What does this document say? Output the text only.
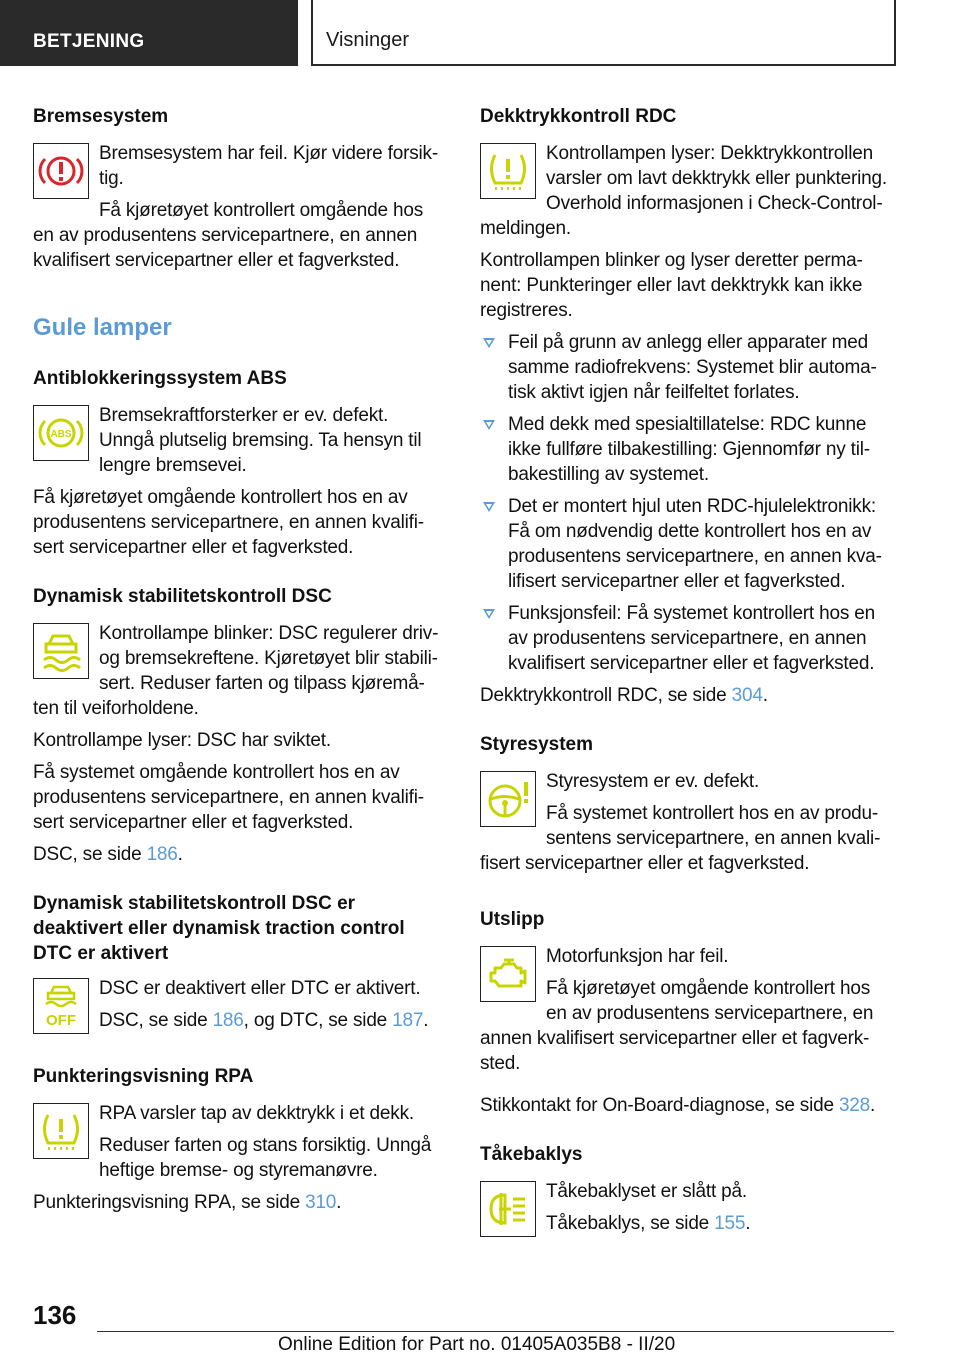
BETJENING	Visninger
Bremsesystem

Bremsesystem har feil. Kjør videre forsik-tig.

Få kjøretøyet kontrollert omgående hos en av produsentens servicepartnere, en annen kvalifisert servicepartner eller et fagverksted.

Gule lamper
Antiblokkeringssystem ABS
ABS

Bremsekraftforsterker er ev. defekt. Unngå plutselig bremsing. Ta hensyn til lengre bremsevei.

Få kjøretøyet omgående kontrollert hos en av produsentens servicepartnere, en annen kvalifi-sert servicepartner eller et fagverksted.

Dynamisk stabilitetskontroll DSC

Kontrollampe blinker: DSC regulerer driv- og bremsekreftene. Kjøretøyet blir stabili-sert. Reduser farten og tilpass kjøremå-ten til veiforholdene.

Kontrollampe lyser: DSC har sviktet.

Få systemet omgående kontrollert hos en av produsentens servicepartnere, en annen kvalifi-sert servicepartner eller et fagverksted.

DSC, se side 186.

Dynamisk stabilitetskontroll DSC er deaktivert eller dynamisk traction control DTC er aktivert
OFF

DSC er deaktivert eller DTC er aktivert.

DSC, se side 186, og DTC, se side 187.

Punkteringsvisning RPA

RPA varsler tap av dekktrykk i et dekk.

Reduser farten og stans forsiktig. Unngå heftige bremse- og styremanøvre.

Punkteringsvisning RPA, se side 310.

Dekktrykkontroll RDC

Kontrollampen lyser: Dekktrykkontrollen varsler om lavt dekktrykk eller punktering. Overhold informasjonen i Check-Control-meldingen.

Kontrollampen blinker og lyser deretter perma-nent: Punkteringer eller lavt dekktrykk kan ikke registreres.

Feil på grunn av anlegg eller apparater med samme radiofrekvens: Systemet blir automa-tisk aktivt igjen når feilfeltet forlates.
Med dekk med spesialtillatelse: RDC kunne ikke fullføre tilbakestilling: Gjennomfør ny til-bakestilling av systemet.
Det er montert hjul uten RDC-hjulelektronikk: Få om nødvendig dette kontrollert hos en av produsentens servicepartnere, en annen kva-lifisert servicepartner eller et fagverksted.
Funksjonsfeil: Få systemet kontrollert hos en av produsentens servicepartnere, en annen kvalifisert servicepartner eller et fagverksted.

Dekktrykkontroll RDC, se side 304.

Styresystem

Styresystem er ev. defekt.

Få systemet kontrollert hos en av produ-sentens servicepartnere, en annen kvali-fisert servicepartner eller et fagverksted.

Utslipp

Motorfunksjon har feil.

Få kjøretøyet omgående kontrollert hos en av produsentens servicepartnere, en annen kvalifisert servicepartner eller et fagverk-sted.

Stikkontakt for On-Board-diagnose, se side 328.

Tåkebaklys

Tåkebaklyset er slått på.

Tåkebaklys, se side 155.

136
Online Edition for Part no. 01405A035B8 - II/20
